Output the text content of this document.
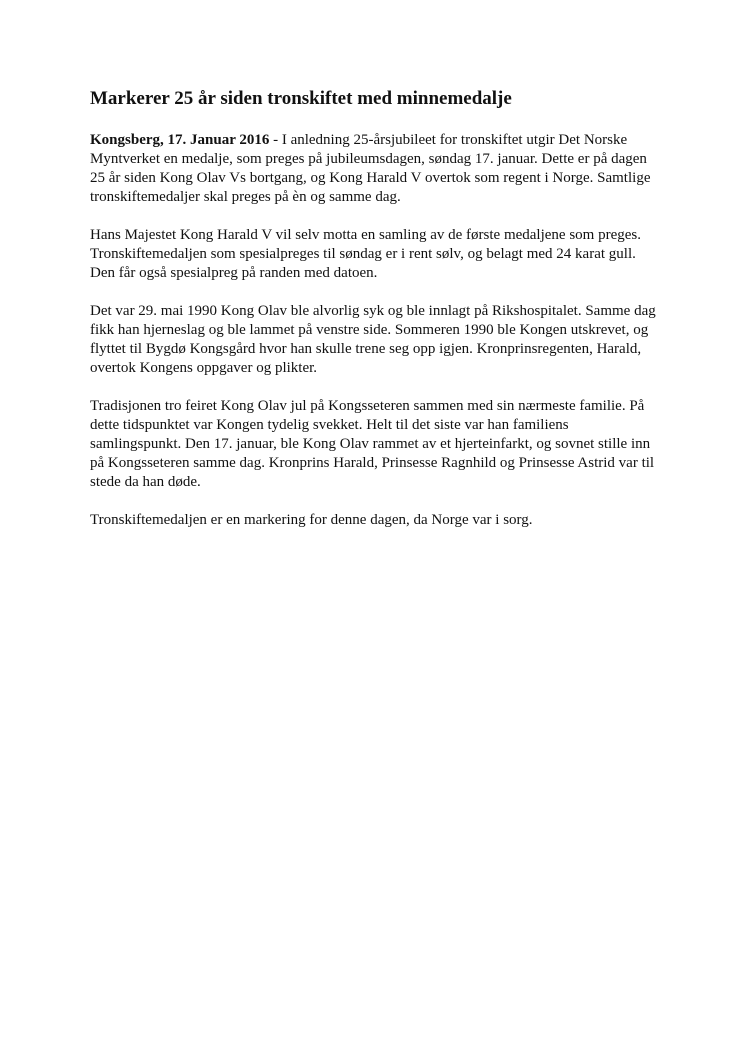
Markerer 25 år siden tronskiftet med minnemedalje

Kongsberg, 17. Januar 2016 - I anledning 25-årsjubileet for tronskiftet utgir Det Norske Myntverket en medalje, som preges på jubileumsdagen, søndag 17. januar. Dette er på dagen 25 år siden Kong Olav Vs bortgang, og Kong Harald V overtok som regent i Norge. Samtlige tronskiftemedaljer skal preges på èn og samme dag.

Hans Majestet Kong Harald V vil selv motta en samling av de første medaljene som preges. Tronskiftemedaljen som spesialpreges til søndag er i rent sølv, og belagt med 24 karat gull. Den får også spesialpreg på randen med datoen.

Det var 29. mai 1990 Kong Olav ble alvorlig syk og ble innlagt på Rikshospitalet. Samme dag fikk han hjerneslag og ble lammet på venstre side. Sommeren 1990 ble Kongen utskrevet, og flyttet til Bygdø Kongsgård hvor han skulle trene seg opp igjen. Kronprinsregenten, Harald, overtok Kongens oppgaver og plikter.

Tradisjonen tro feiret Kong Olav jul på Kongsseteren sammen med sin nærmeste familie. På dette tidspunktet var Kongen tydelig svekket. Helt til det siste var han familiens samlingspunkt. Den 17. januar, ble Kong Olav rammet av et hjerteinfarkt, og sovnet stille inn på Kongsseteren samme dag. Kronprins Harald, Prinsesse Ragnhild og Prinsesse Astrid var til stede da han døde.

Tronskiftemedaljen er en markering for denne dagen, da Norge var i sorg.
